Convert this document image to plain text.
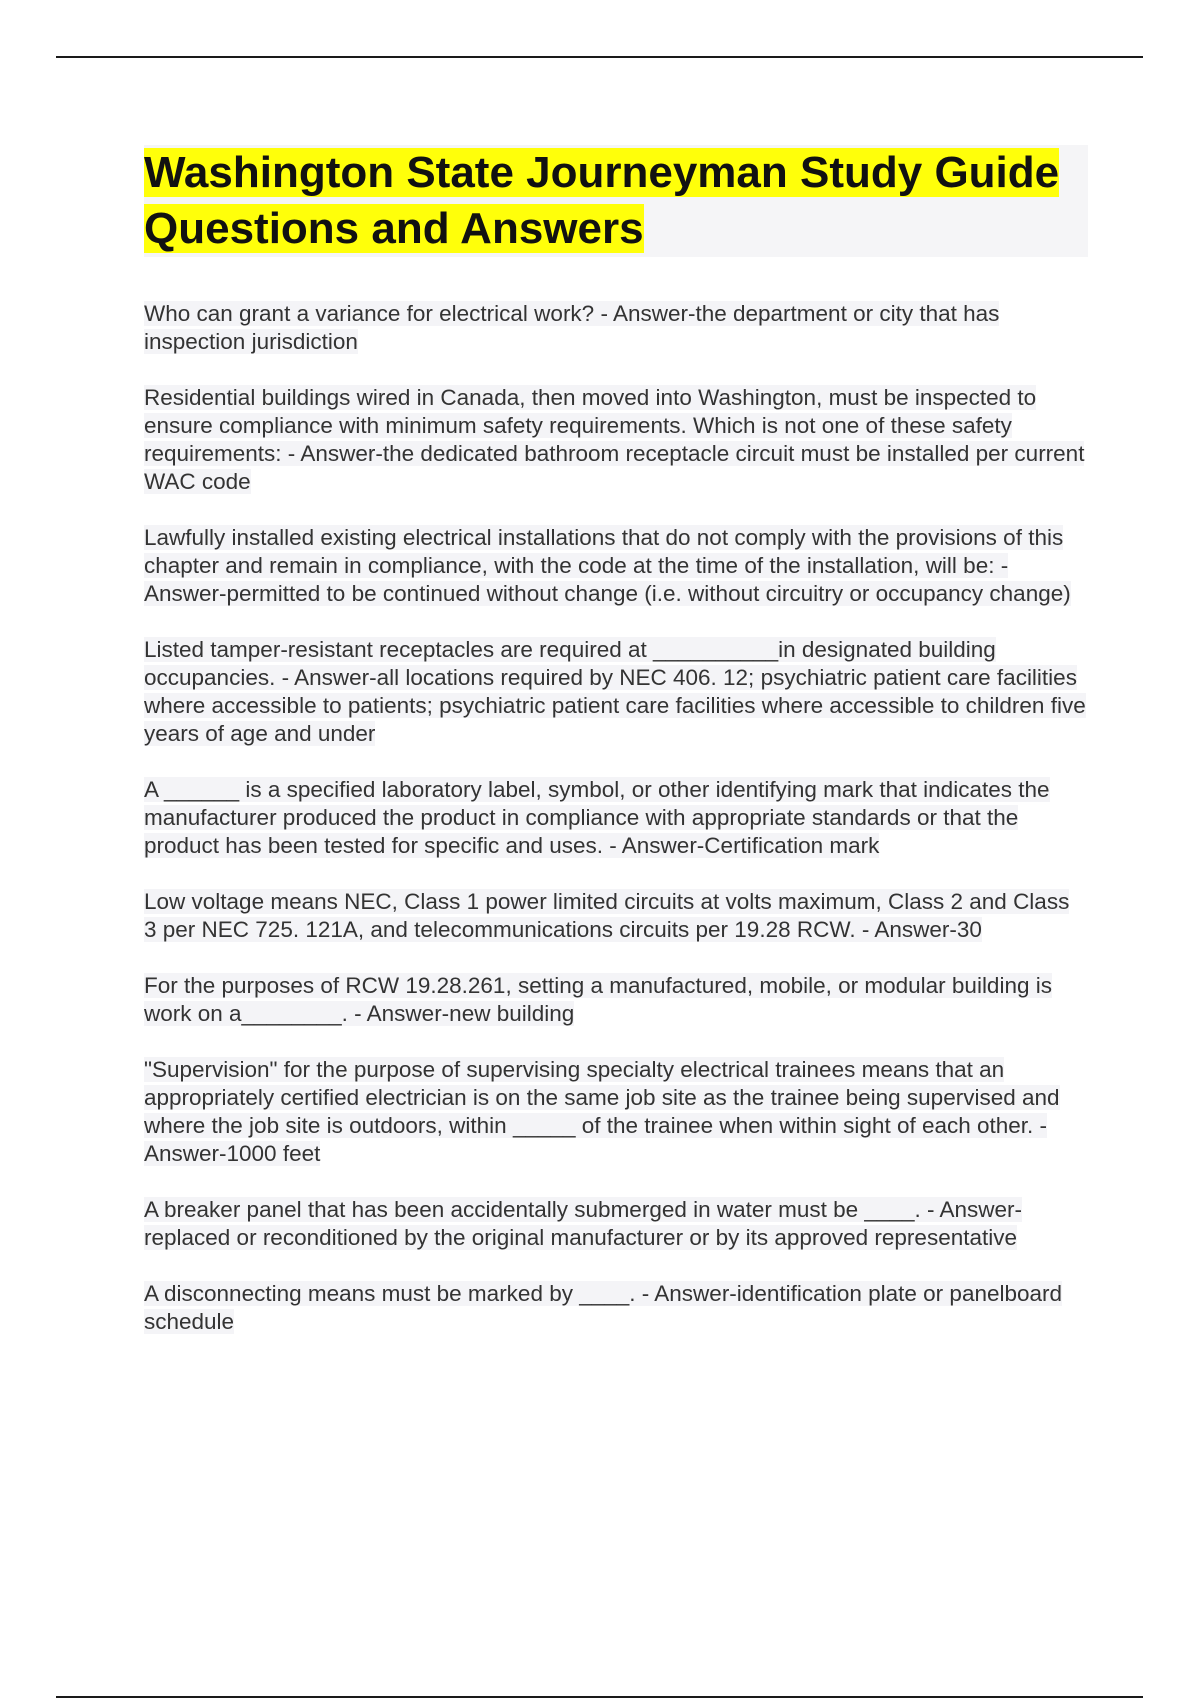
Washington State Journeyman Study Guide Questions and Answers

Who can grant a variance for electrical work? - Answer-the department or city that has inspection jurisdiction

Residential buildings wired in Canada, then moved into Washington, must be inspected to ensure compliance with minimum safety requirements. Which is not one of these safety requirements: - Answer-the dedicated bathroom receptacle circuit must be installed per current WAC code

Lawfully installed existing electrical installations that do not comply with the provisions of this chapter and remain in compliance, with the code at the time of the installation, will be: - Answer-permitted to be continued without change (i.e. without circuitry or occupancy change)

Listed tamper-resistant receptacles are required at __________in designated building occupancies. - Answer-all locations required by NEC 406. 12; psychiatric patient care facilities where accessible to patients; psychiatric patient care facilities where accessible to children five years of age and under

A ______ is a specified laboratory label, symbol, or other identifying mark that indicates the manufacturer produced the product in compliance with appropriate standards or that the product has been tested for specific and uses. - Answer-Certification mark

Low voltage means NEC, Class 1 power limited circuits at volts maximum, Class 2 and Class 3 per NEC 725. 121A, and telecommunications circuits per 19.28 RCW. - Answer-30

For the purposes of RCW 19.28.261, setting a manufactured, mobile, or modular building is work on a________. - Answer-new building

"Supervision" for the purpose of supervising specialty electrical trainees means that an appropriately certified electrician is on the same job site as the trainee being supervised and where the job site is outdoors, within _____ of the trainee when within sight of each other. - Answer-1000 feet

A breaker panel that has been accidentally submerged in water must be ____. - Answer-replaced or reconditioned by the original manufacturer or by its approved representative

A disconnecting means must be marked by ____. - Answer-identification plate or panelboard schedule
